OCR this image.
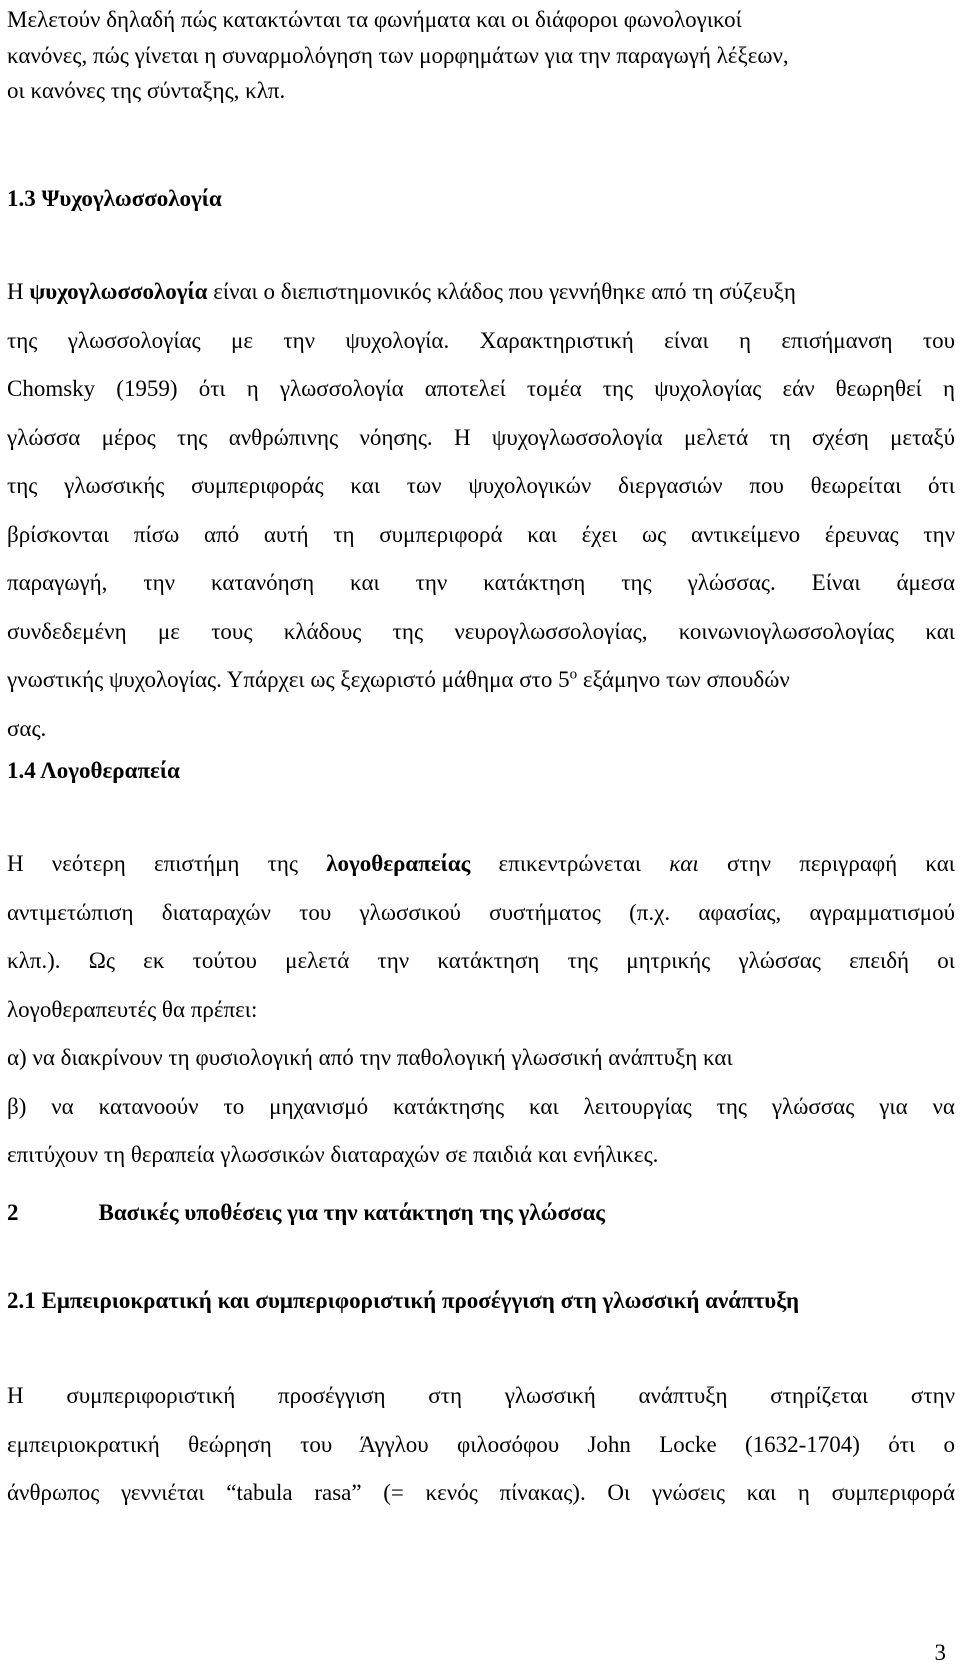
Μελετούν δηλαδή πώς κατακτώνται τα φωνήματα και οι διάφοροι φωνολογικοί
κανόνες, πώς γίνεται η συναρμολόγηση των μορφημάτων για την παραγωγή λέξεων,
οι κανόνες της σύνταξης, κλπ.
1.3 Ψυχογλωσσολογία
Η ψυχογλωσσολογία είναι ο διεπιστημονικός κλάδος που γεννήθηκε από τη σύζευξη
της γλωσσολογίας με την ψυχολογία. Χαρακτηριστική είναι η επισήμανση του
Chomsky (1959) ότι η γλωσσολογία αποτελεί τομέα της ψυχολογίας εάν θεωρηθεί η
γλώσσα μέρος της ανθρώπινης νόησης. Η ψυχογλωσσολογία μελετά τη σχέση μεταξύ
της γλωσσικής συμπεριφοράς και των ψυχολογικών διεργασιών που θεωρείται ότι
βρίσκονται πίσω από αυτή τη συμπεριφορά και έχει ως αντικείμενο έρευνας την
παραγωγή, την κατανόηση και την κατάκτηση της γλώσσας. Είναι άμεσα
συνδεδεμένη με τους κλάδους της νευρογλωσσολογίας, κοινωνιογλωσσολογίας και
γνωστικής ψυχολογίας. Υπάρχει ως ξεχωριστό μάθημα στο $5^o$ εξάμηνο των σπουδών
σας.
1.4 Λογοθεραπεία
Η νεότερη επιστήμη της λογοθεραπείας επικεντρώνεται και στην περιγραφή και
αντιμετώπιση διαταραχών του γλωσσικού συστήματος (π.χ. αφασίας, αγραμματισμού
κλπ.). Ως εκ τούτου μελετά την κατάκτηση της μητρικής γλώσσας επειδή οι
λογοθεραπευτές θα πρέπει:
α) να διακρίνουν τη φυσιολογική από την παθολογική γλωσσική ανάπτυξη και
β) να κατανοούν το μηχανισμό κατάκτησης και λειτουργίας της γλώσσας για να
επιτύχουν τη θεραπεία γλωσσικών διαταραχών σε παιδιά και ενήλικες.
2	Βασικές υποθέσεις για την κατάκτηση της γλώσσας
2.1 Εμπειριοκρατική και συμπεριφοριστική προσέγγιση στη γλωσσική ανάπτυξη
Η συμπεριφοριστική προσέγγιση στη γλωσσική ανάπτυξη στηρίζεται στην
εμπειριοκρατική θεώρηση του Άγγλου φιλοσόφου John Locke (1632-1704) ότι ο
άνθρωπος γεννιέται “tabula rasa” (= κενός πίνακας). Οι γνώσεις και η συμπεριφορά
3
